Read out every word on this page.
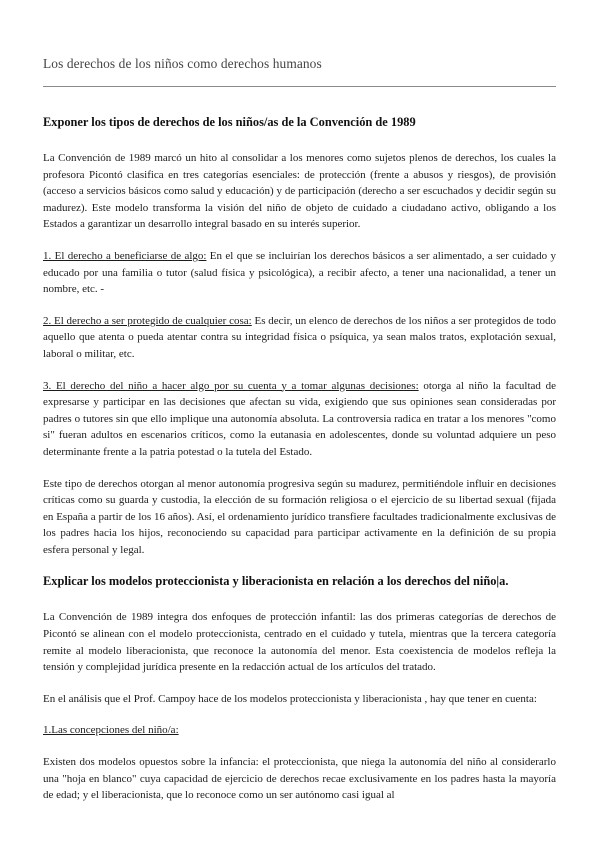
Los derechos de los niños como derechos humanos
Exponer los tipos de derechos de los niños/as de la Convención de 1989

La Convención de 1989 marcó un hito al consolidar a los menores como sujetos plenos de derechos, los cuales la profesora Picontó clasifica en tres categorías esenciales: de protección (frente a abusos y riesgos), de provisión (acceso a servicios básicos como salud y educación) y de participación (derecho a ser escuchados y decidir según su madurez). Este modelo transforma la visión del niño de objeto de cuidado a ciudadano activo, obligando a los Estados a garantizar un desarrollo integral basado en su interés superior.

1. El derecho a beneficiarse de algo: En el que se incluirían los derechos básicos a ser alimentado, a ser cuidado y educado por una familia o tutor (salud física y psicológica), a recibir afecto, a tener una nacionalidad, a tener un nombre, etc. -

2. El derecho a ser protegido de cualquier cosa: Es decir, un elenco de derechos de los niños a ser protegidos de todo aquello que atenta o pueda atentar contra su integridad física o psíquica, ya sean malos tratos, explotación sexual, laboral o militar, etc.

3. El derecho del niño a hacer algo por su cuenta y a tomar algunas decisiones: otorga al niño la facultad de expresarse y participar en las decisiones que afectan su vida, exigiendo que sus opiniones sean consideradas por padres o tutores sin que ello implique una autonomía absoluta. La controversia radica en tratar a los menores "como si" fueran adultos en escenarios críticos, como la eutanasia en adolescentes, donde su voluntad adquiere un peso determinante frente a la patria potestad o la tutela del Estado.

Este tipo de derechos otorgan al menor autonomía progresiva según su madurez, permitiéndole influir en decisiones críticas como su guarda y custodia, la elección de su formación religiosa o el ejercicio de su libertad sexual (fijada en España a partir de los 16 años). Así, el ordenamiento jurídico transfiere facultades tradicionalmente exclusivas de los padres hacia los hijos, reconociendo su capacidad para participar activamente en la definición de su propia esfera personal y legal.

Explicar los modelos proteccionista y liberacionista en relación a los derechos del niño|a.

La Convención de 1989 integra dos enfoques de protección infantil: las dos primeras categorías de derechos de Picontó se alinean con el modelo proteccionista, centrado en el cuidado y tutela, mientras que la tercera categoría remite al modelo liberacionista, que reconoce la autonomía del menor. Esta coexistencia de modelos refleja la tensión y complejidad jurídica presente en la redacción actual de los artículos del tratado.

En el análisis que el Prof. Campoy hace de los modelos proteccionista y liberacionista , hay que tener en cuenta:

1.Las concepciones del niño/a:

Existen dos modelos opuestos sobre la infancia: el proteccionista, que niega la autonomía del niño al considerarlo una "hoja en blanco" cuya capacidad de ejercicio de derechos recae exclusivamente en los padres hasta la mayoría de edad; y el liberacionista, que lo reconoce como un ser autónomo casi igual al
